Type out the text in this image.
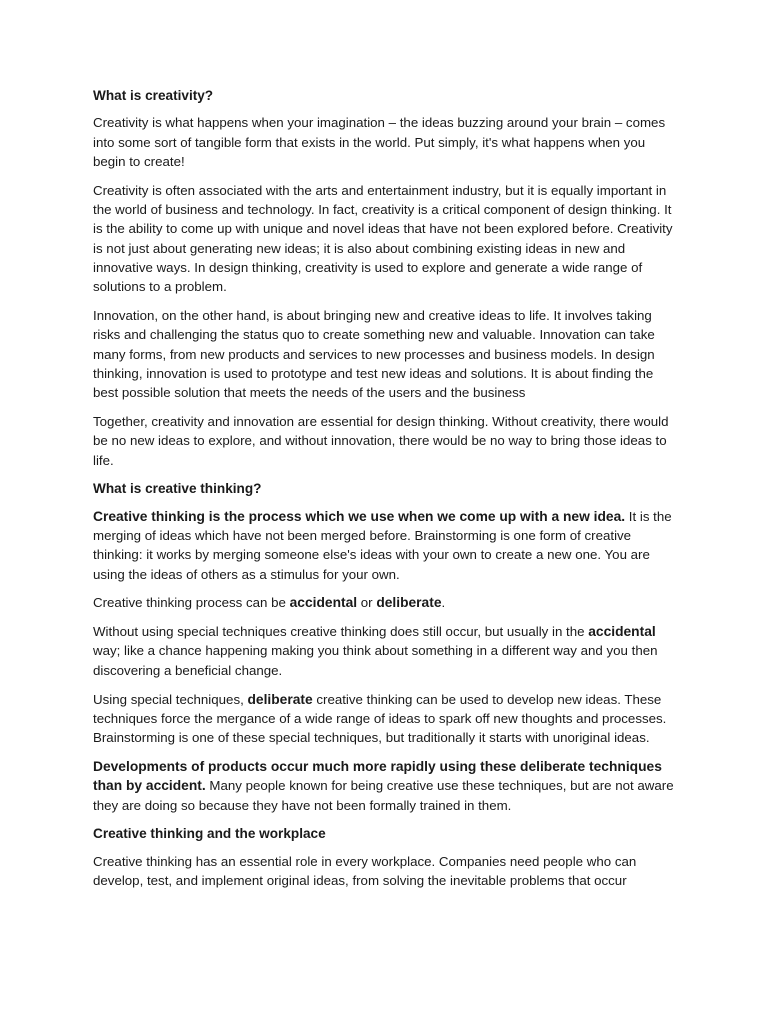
What is creativity?

Creativity is what happens when your imagination – the ideas buzzing around your brain – comes into some sort of tangible form that exists in the world. Put simply, it's what happens when you begin to create!

Creativity is often associated with the arts and entertainment industry, but it is equally important in the world of business and technology. In fact, creativity is a critical component of design thinking. It is the ability to come up with unique and novel ideas that have not been explored before. Creativity is not just about generating new ideas; it is also about combining existing ideas in new and innovative ways. In design thinking, creativity is used to explore and generate a wide range of solutions to a problem.

Innovation, on the other hand, is about bringing new and creative ideas to life. It involves taking risks and challenging the status quo to create something new and valuable. Innovation can take many forms, from new products and services to new processes and business models. In design thinking, innovation is used to prototype and test new ideas and solutions. It is about finding the best possible solution that meets the needs of the users and the business

Together, creativity and innovation are essential for design thinking. Without creativity, there would be no new ideas to explore, and without innovation, there would be no way to bring those ideas to life.

What is creative thinking?

Creative thinking is the process which we use when we come up with a new idea. It is the merging of ideas which have not been merged before. Brainstorming is one form of creative thinking: it works by merging someone else's ideas with your own to create a new one. You are using the ideas of others as a stimulus for your own.

Creative thinking process can be accidental or deliberate.

Without using special techniques creative thinking does still occur, but usually in the accidental way; like a chance happening making you think about something in a different way and you then discovering a beneficial change.

Using special techniques, deliberate creative thinking can be used to develop new ideas. These techniques force the mergance of a wide range of ideas to spark off new thoughts and processes. Brainstorming is one of these special techniques, but traditionally it starts with unoriginal ideas.

Developments of products occur much more rapidly using these deliberate techniques than by accident. Many people known for being creative use these techniques, but are not aware they are doing so because they have not been formally trained in them.

Creative thinking and the workplace

Creative thinking has an essential role in every workplace. Companies need people who can develop, test, and implement original ideas, from solving the inevitable problems that occur
